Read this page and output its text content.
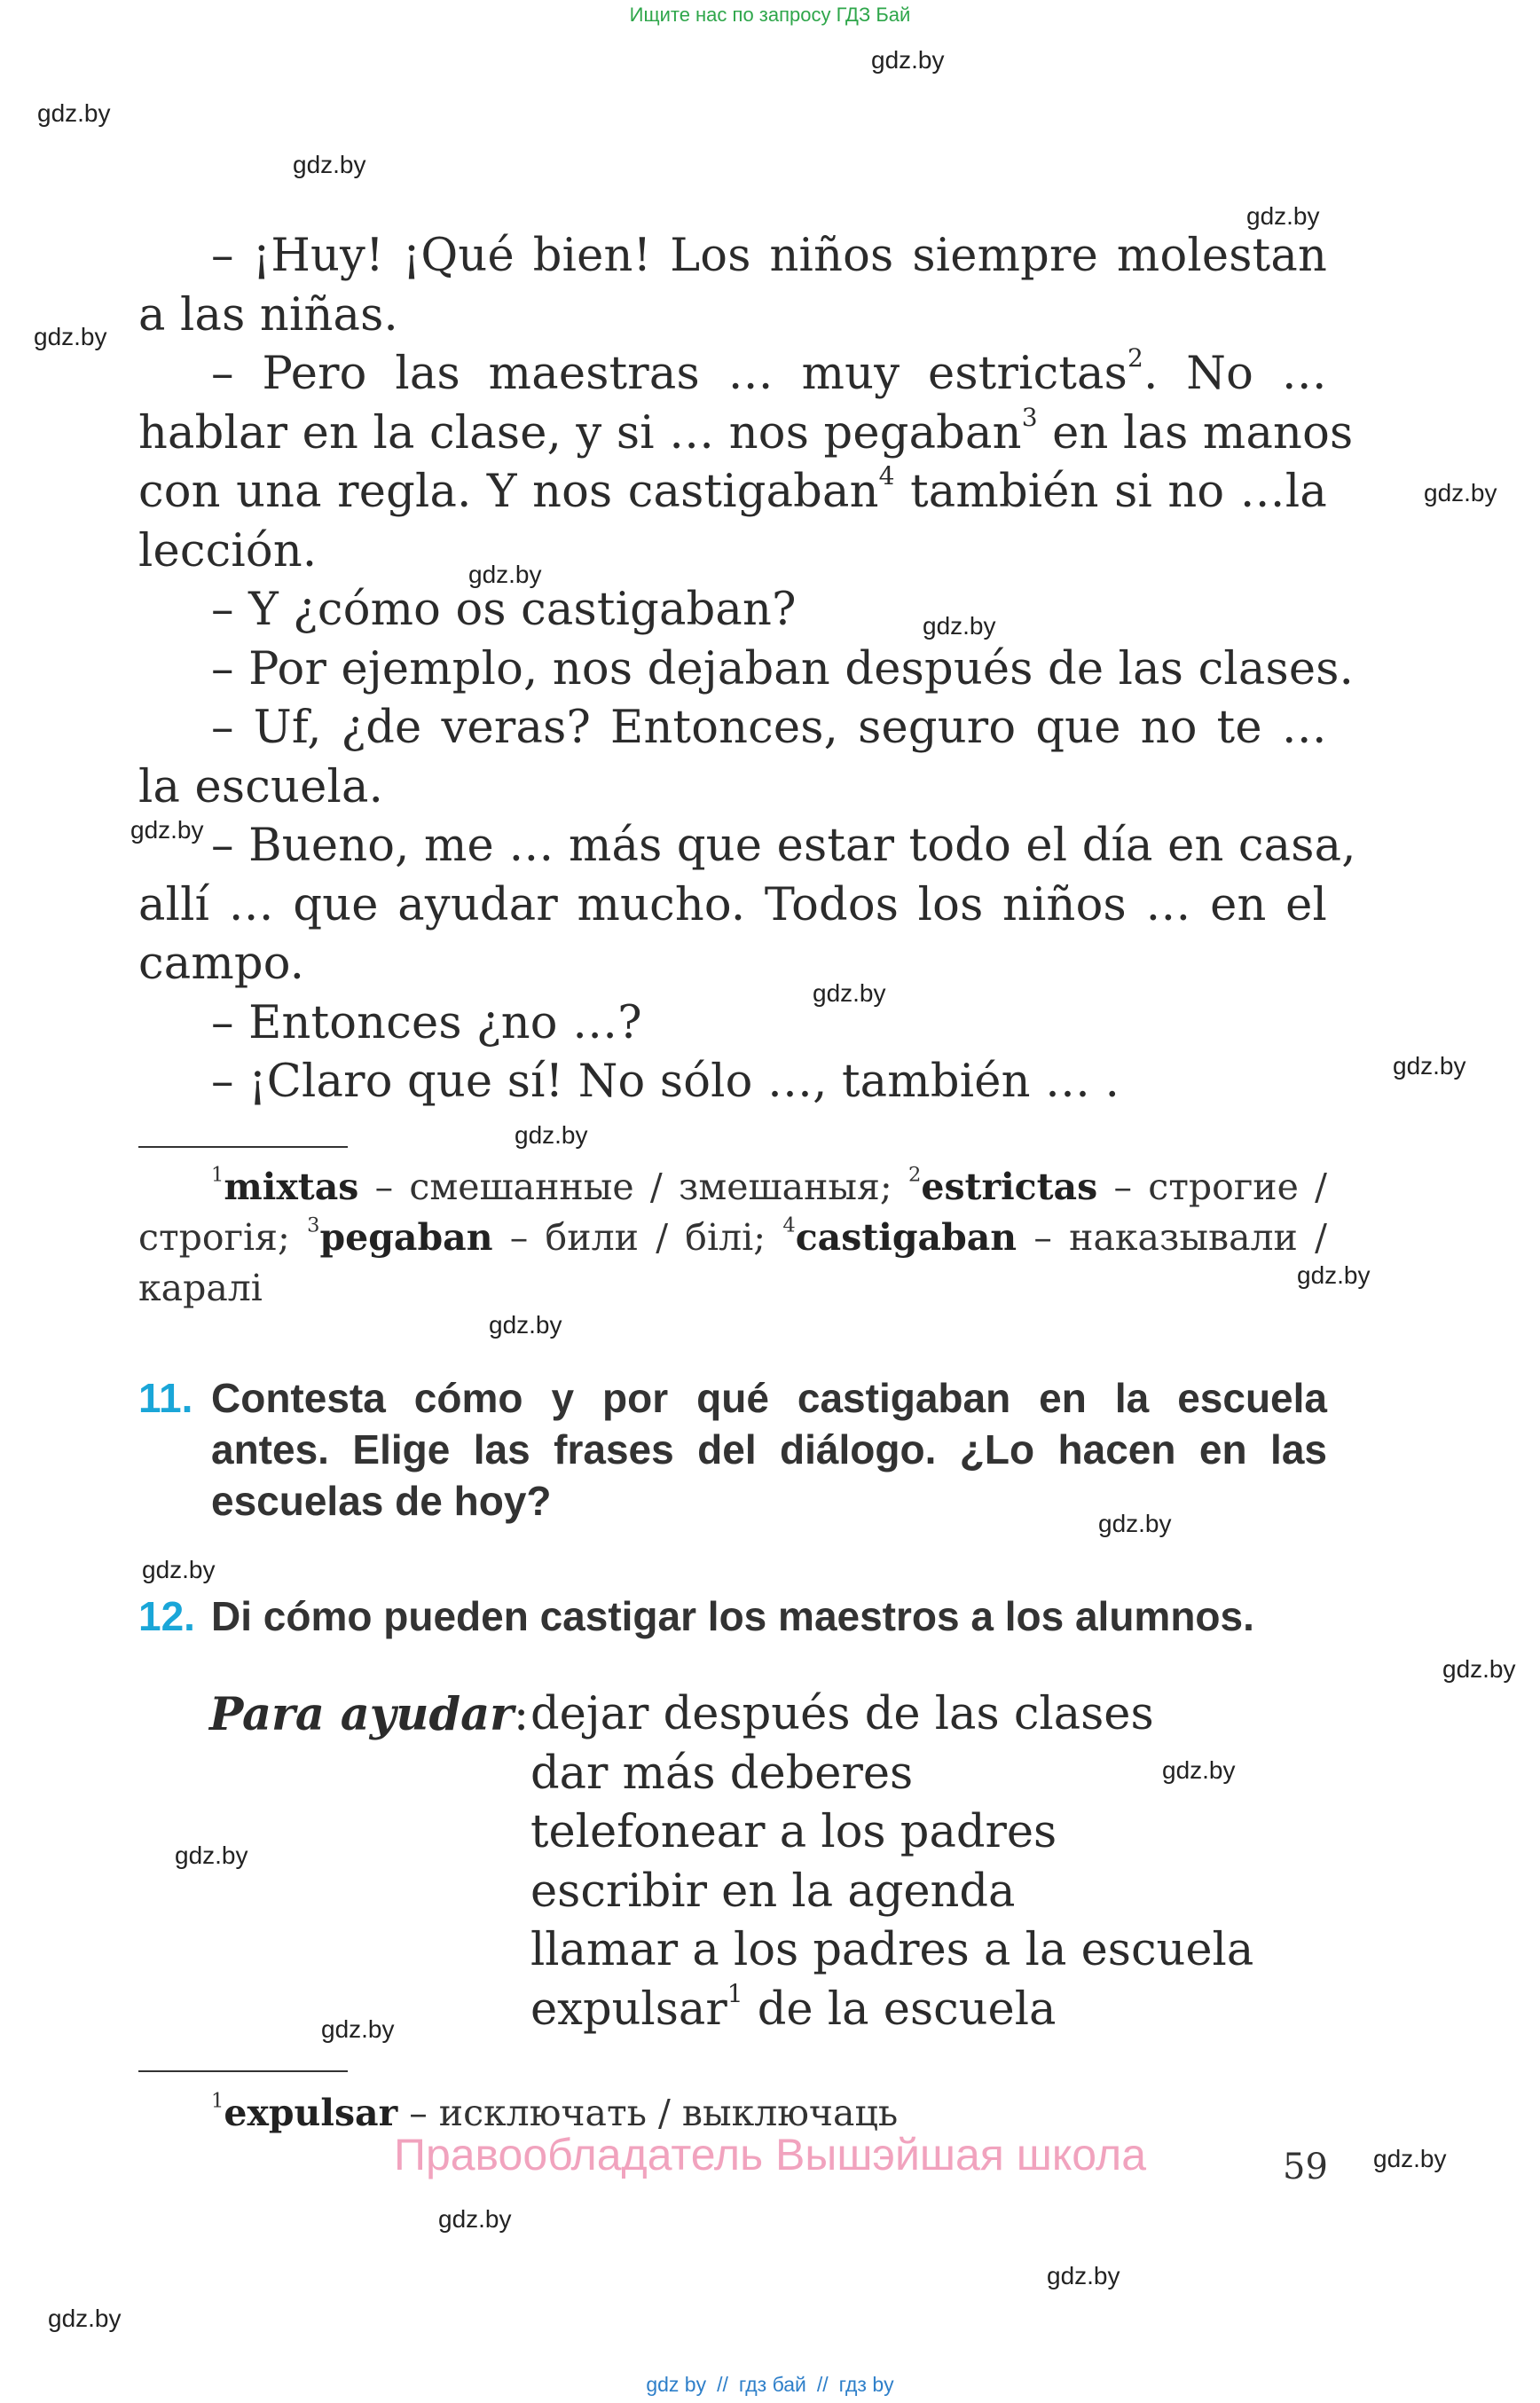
Ищите нас по запросу ГДЗ Бай
gdz.by
gdz.by
gdz.by
gdz.by
gdz.by
gdz.by
gdz.by
gdz.by
gdz.by
gdz.by
gdz.by
gdz.by
gdz.by
gdz.by
gdz.by
gdz.by
gdz.by
gdz.by
gdz.by
gdz.by
gdz.by
gdz.by
gdz.by
gdz.by
– ¡Huy! ¡Qué bien! Los niños siempre molestan
a las niñas.
– Pero las maestras … muy estrictas$^2$. No …
hablar en la clase, y si … nos pegaban$^3$ en las manos
con una regla. Y nos castigaban$^4$ también si no …la
lección.
– Y ¿cómo os castigaban?
– Por ejemplo, nos dejaban después de las clases.
– Uf, ¿de veras? Entonces, seguro que no te …
la escuela.
– Bueno, me … más que estar todo el día en casa,
allí … que ayudar mucho. Todos los niños … en el
campo.
– Entonces ¿no …?
– ¡Claro que sí! No sólo …, también … .
$^1$mixtas – смешанные / змешаныя; $^2$estrictas – строгие /
строгія; $^3$pegaban – били / білі; $^4$castigaban – наказывали /
каралі
11. Contesta cómo y por qué castigaban en la escuela
antes. Elige las frases del diálogo. ¿Lo hacen en las
escuelas de hoy?
12. Di cómo pueden castigar los maestros a los alumnos.
Para ayudar: dejar después de las clases
dar más deberes
telefonear a los padres
escribir en la agenda
llamar a los padres a la escuela
expulsar$^1$ de la escuela
$^1$expulsar – исключать / выключаць
Правообладатель Вышэйшая школа	59
gdz by // гдз бай // гдз by
